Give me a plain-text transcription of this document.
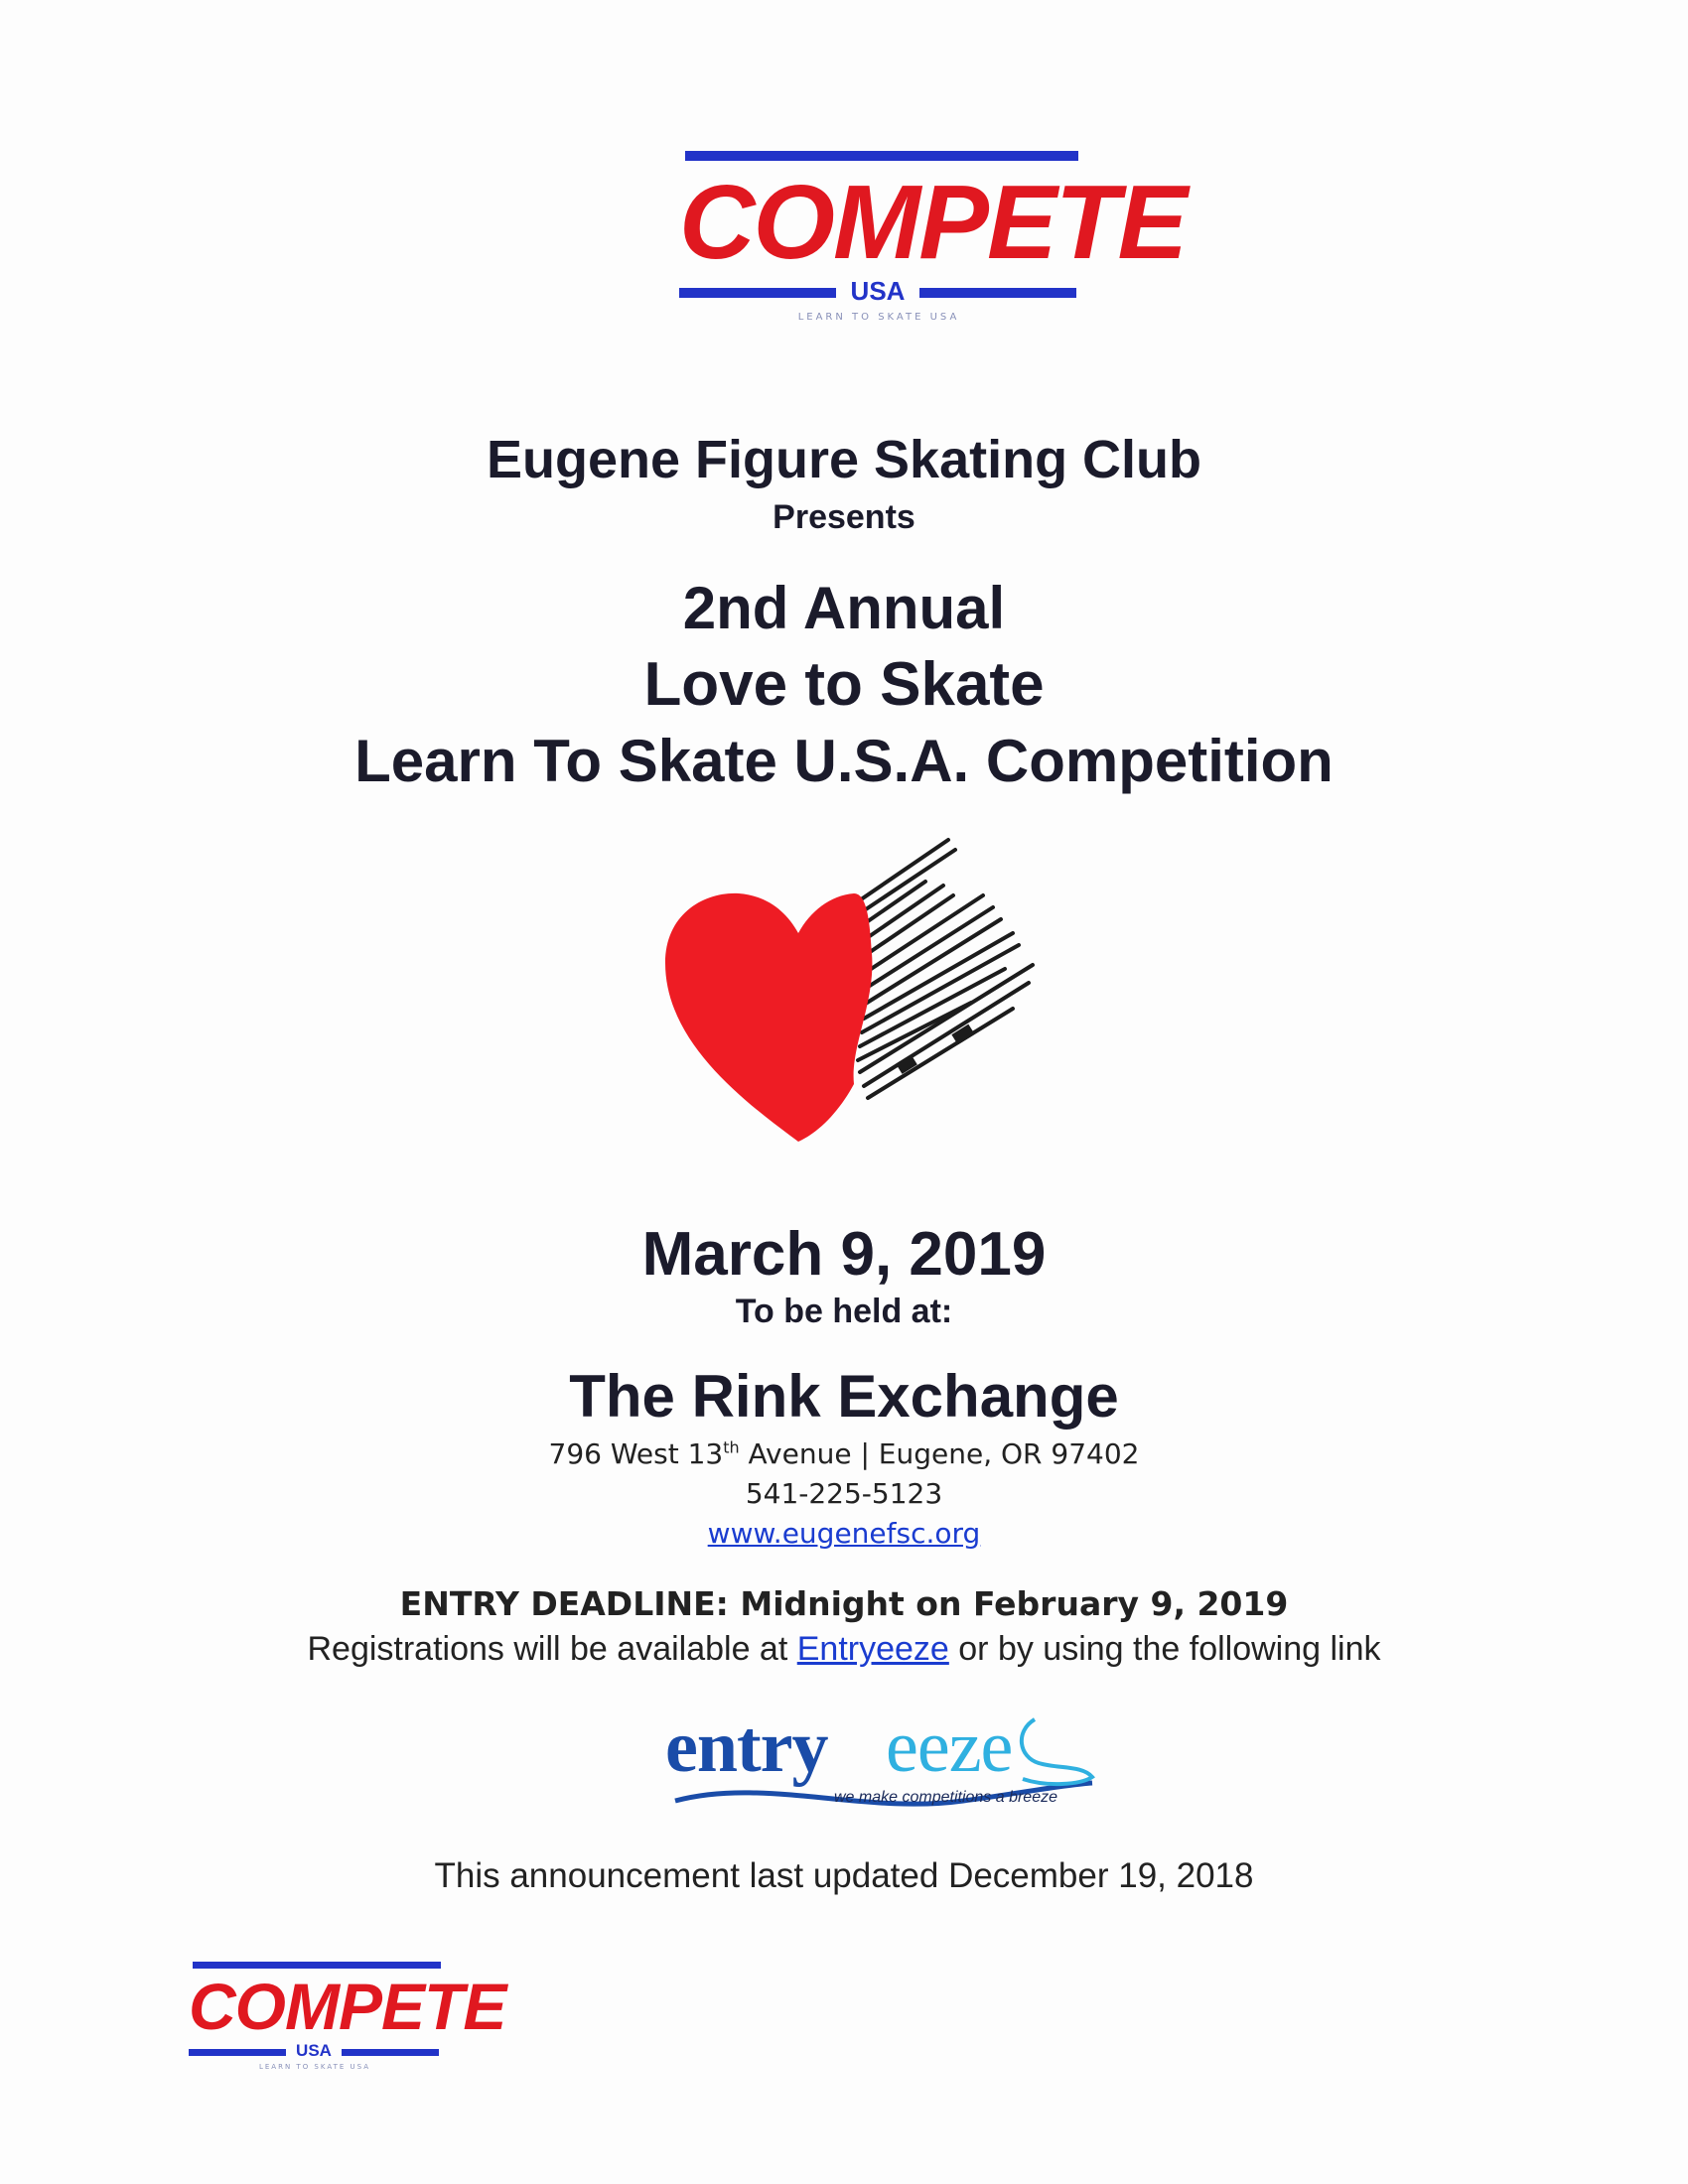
COMPETE
USA
LEARN TO SKATE USA
Eugene Figure Skating Club
Presents
2nd Annual
Love to Skate
Learn To Skate U.S.A. Competition
March 9, 2019
To be held at:
The Rink Exchange
796 West 13th Avenue | Eugene, OR 97402
541-225-5123
www.eugenefsc.org
ENTRY DEADLINE: Midnight on February 9, 2019
Registrations will be available at Entryeeze or by using the following link
entry eeze
we make competitions a breeze
This announcement last updated December 19, 2018
COMPETE
USA
LEARN TO SKATE USA
